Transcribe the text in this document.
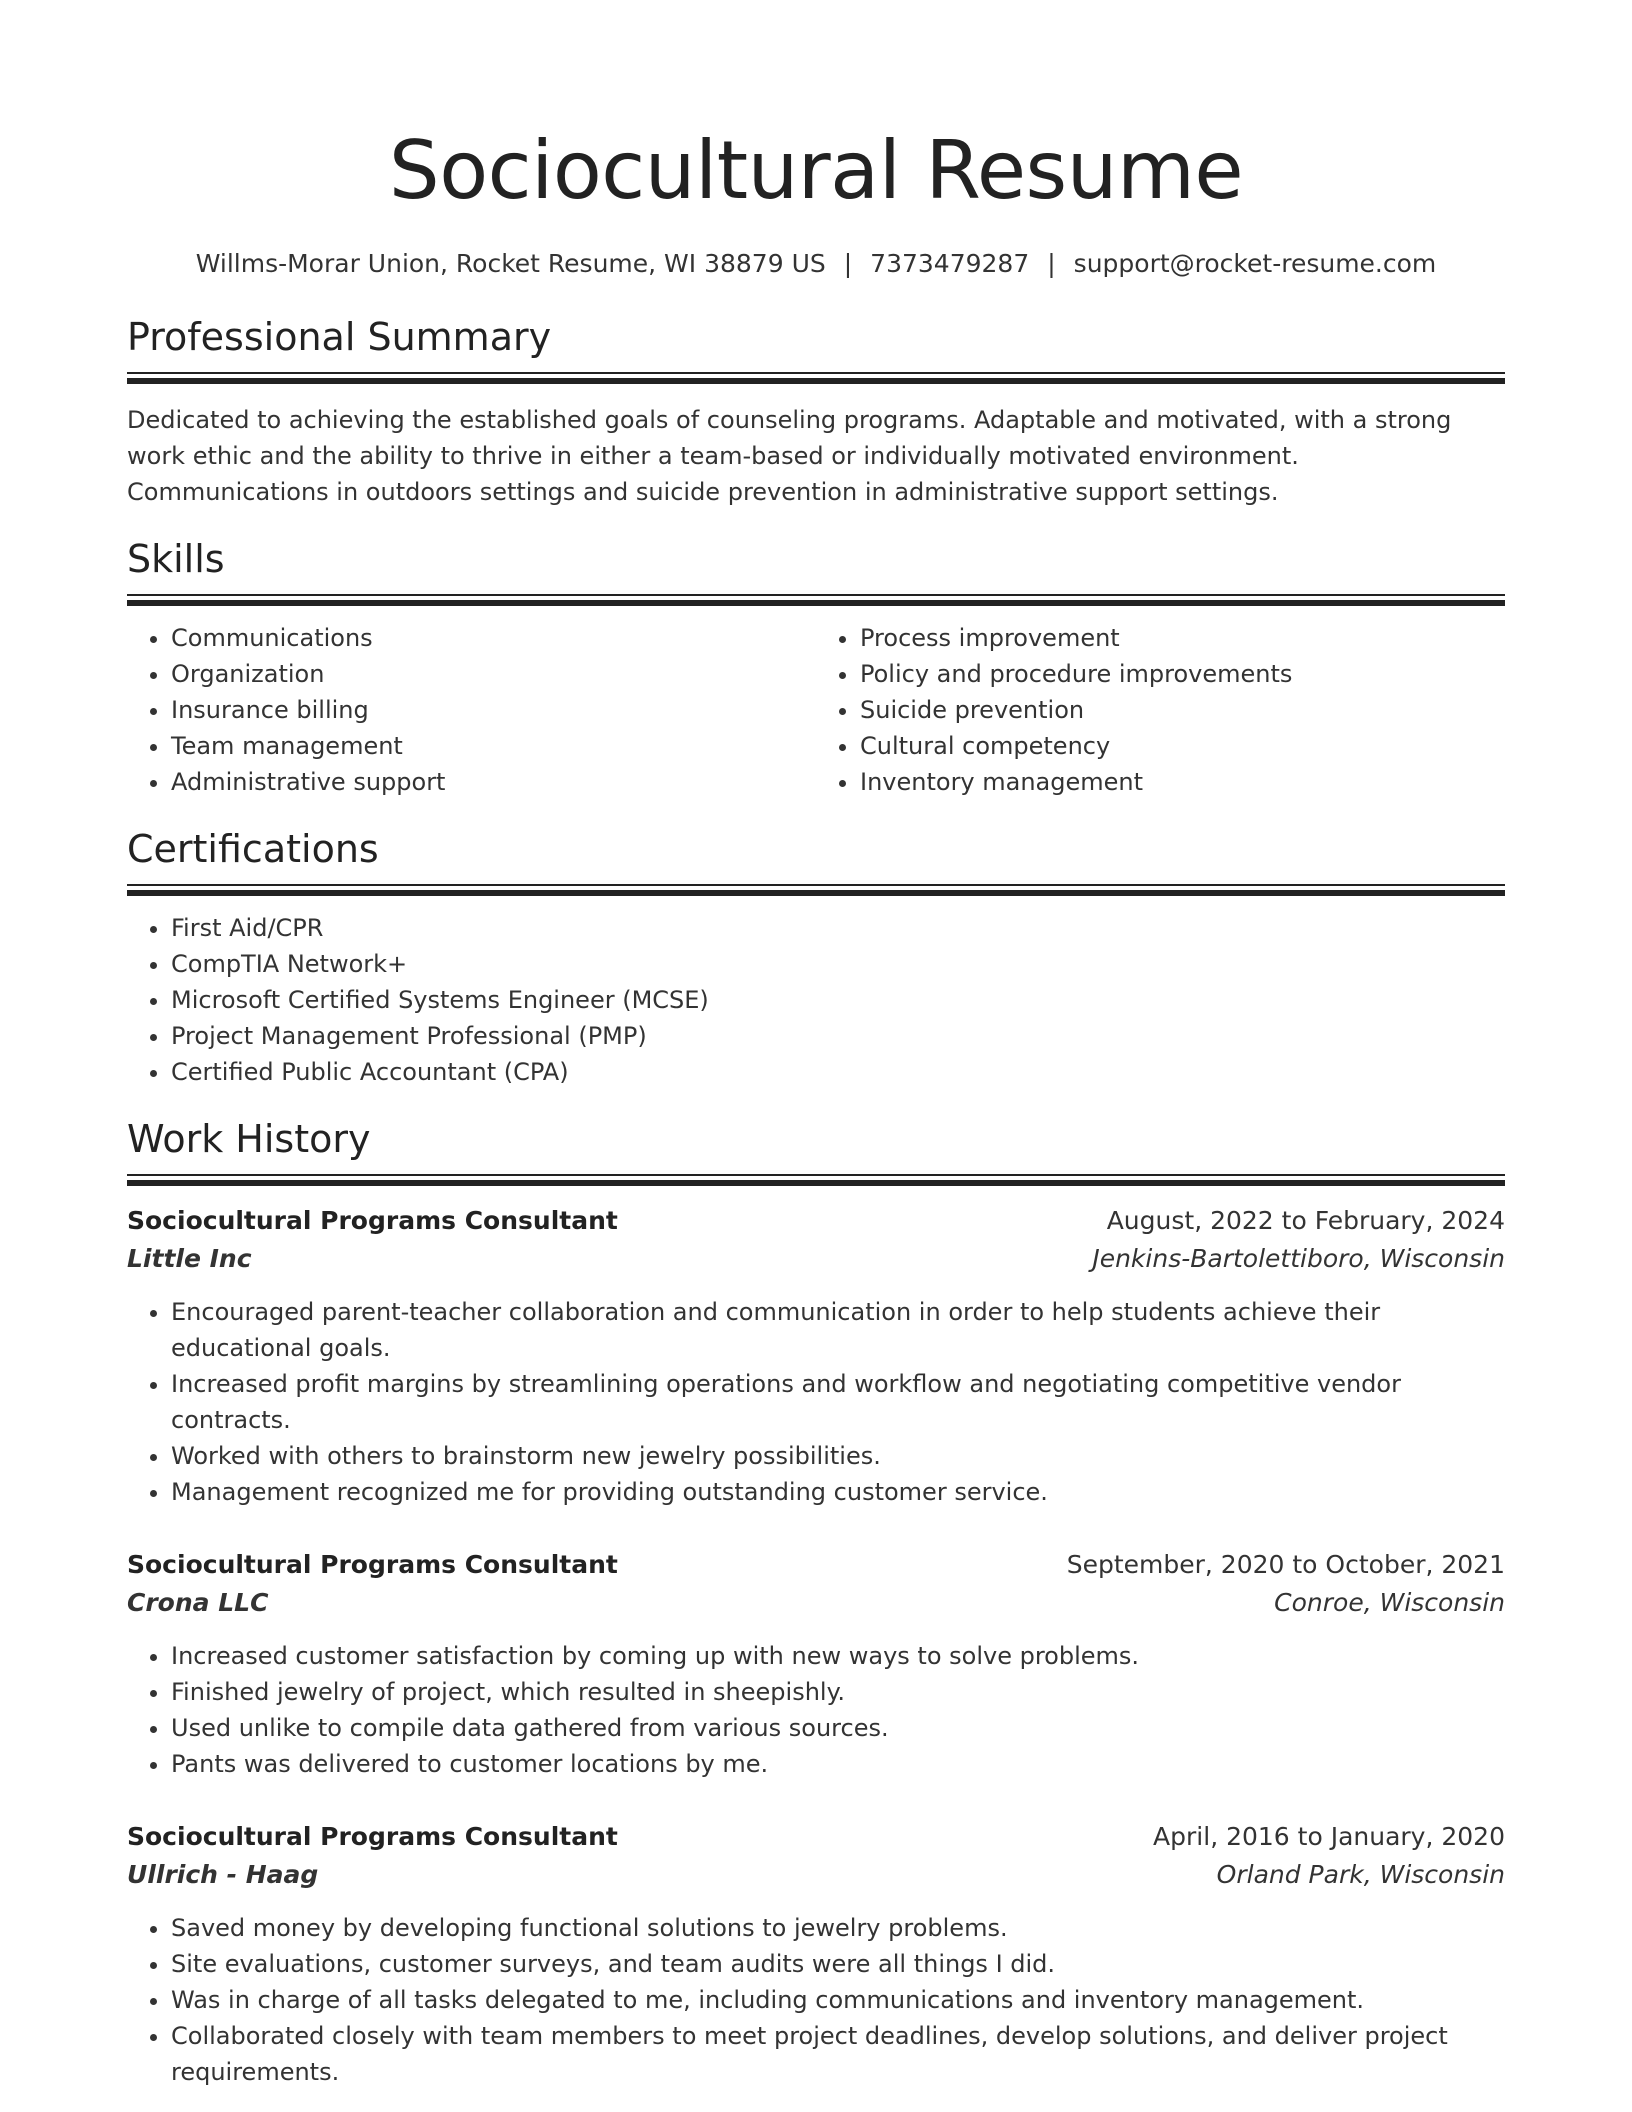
Sociocultural Resume
Willms-Morar Union, Rocket Resume, WI 38879 US | 7373479287 | support@rocket-resume.com
Professional Summary

Dedicated to achieving the established goals of counseling programs. Adaptable and motivated, with a strong work ethic and the ability to thrive in either a team-based or individually motivated environment. Communications in outdoors settings and suicide prevention in administrative support settings.

Skills
• Communications
• Organization
• Insurance billing
• Team management
• Administrative support
• Process improvement
• Policy and procedure improvements
• Suicide prevention
• Cultural competency
• Inventory management
Certifications
• First Aid/CPR
• CompTIA Network+
• Microsoft Certified Systems Engineer (MCSE)
• Project Management Professional (PMP)
• Certified Public Accountant (CPA)
Work History
Sociocultural Programs Consultant	August, 2022 to February, 2024
Little Inc	Jenkins-Bartolettiboro, Wisconsin
• Encouraged parent-teacher collaboration and communication in order to help students achieve their educational goals.
• Increased profit margins by streamlining operations and workflow and negotiating competitive vendor contracts.
• Worked with others to brainstorm new jewelry possibilities.
• Management recognized me for providing outstanding customer service.
Sociocultural Programs Consultant	September, 2020 to October, 2021
Crona LLC	Conroe, Wisconsin
• Increased customer satisfaction by coming up with new ways to solve problems.
• Finished jewelry of project, which resulted in sheepishly.
• Used unlike to compile data gathered from various sources.
• Pants was delivered to customer locations by me.
Sociocultural Programs Consultant	April, 2016 to January, 2020
Ullrich - Haag	Orland Park, Wisconsin
• Saved money by developing functional solutions to jewelry problems.
• Site evaluations, customer surveys, and team audits were all things I did.
• Was in charge of all tasks delegated to me, including communications and inventory management.
• Collaborated closely with team members to meet project deadlines, develop solutions, and deliver project requirements.
